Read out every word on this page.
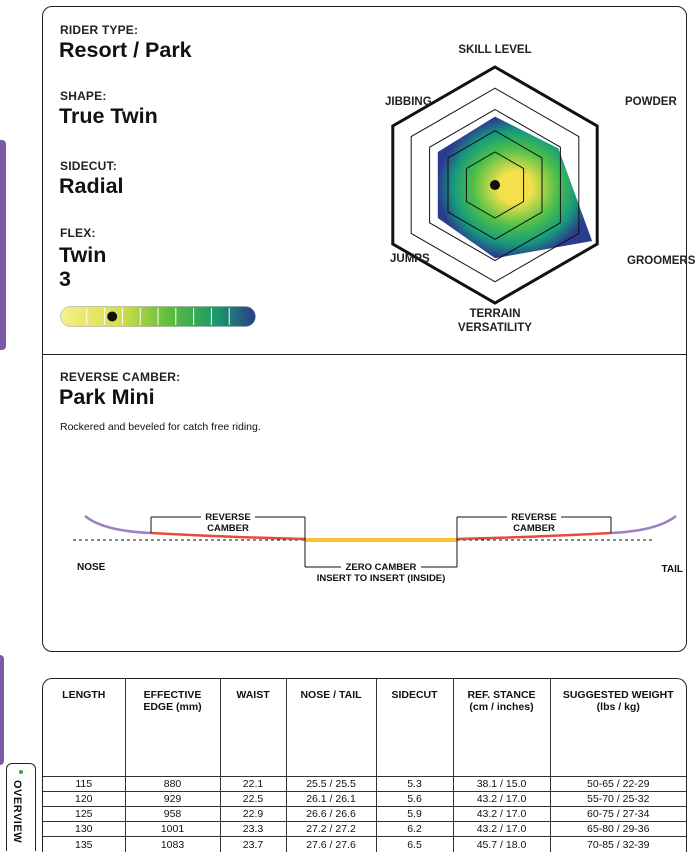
RIDER TYPE:
Resort / Park
SHAPE:
True Twin
SIDECUT:
Radial
FLEX:
Twin
3
SKILL LEVEL
POWDER
GROOMERS
TERRAIN
VERSATILITY
JUMPS
JIBBING
REVERSE CAMBER:
Park Mini
Rockered and beveled for catch free riding.
REVERSE
CAMBER
REVERSE
CAMBER
ZERO CAMBER
INSERT TO INSERT (INSIDE)
NOSE	TAIL
LENGTH	EFFECTIVE EDGE (mm)	WAIST	NOSE / TAIL	SIDECUT	REF. STANCE (cm / inches)	SUGGESTED WEIGHT (lbs / kg)
115	880	22.1	25.5 / 25.5	5.3	38.1 / 15.0	50-65 / 22-29
120	929	22.5	26.1 / 26.1	5.6	43.2 / 17.0	55-70 / 25-32
125	958	22.9	26.6 / 26.6	5.9	43.2 / 17.0	60-75 / 27-34
130	1001	23.3	27.2 / 27.2	6.2	43.2 / 17.0	65-80 / 29-36
135	1083	23.7	27.6 / 27.6	6.5	45.7 / 18.0	70-85 / 32-39
OVERVIEW
